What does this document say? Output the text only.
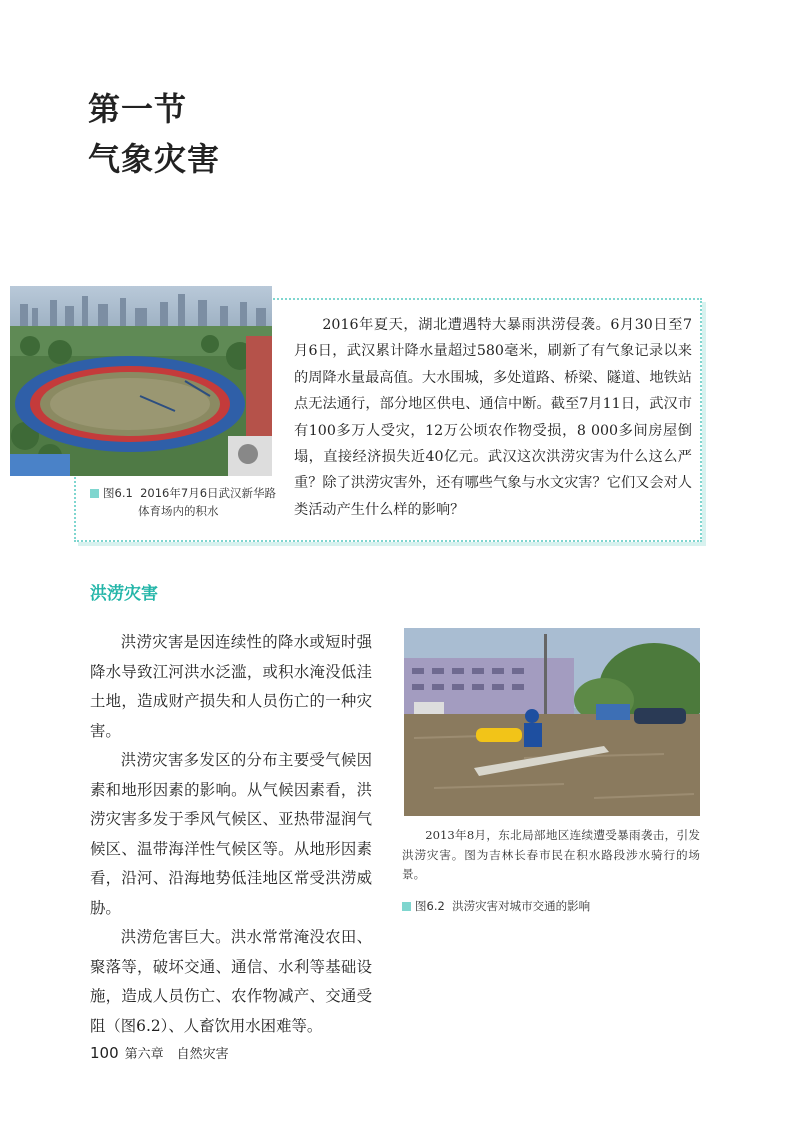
第一节
气象灾害

2016年夏天，湖北遭遇特大暴雨洪涝侵袭。6月30日至7月6日，武汉累计降水量超过580毫米，刷新了有气象记录以来的周降水量最高值。大水围城，多处道路、桥梁、隧道、地铁站点无法通行，部分地区供电、通信中断。截至7月11日，武汉市有100多万人受灾，12万公顷农作物受损，8 000多间房屋倒塌，直接经济损失近40亿元。武汉这次洪涝灾害为什么这么严重？除了洪涝灾害外，还有哪些气象与水文灾害？它们又会对人类活动产生什么样的影响？

图6.1 2016年7月6日武汉新华路
体育场内的积水
洪涝灾害

洪涝灾害是因连续性的降水或短时强降水导致江河洪水泛滥，或积水淹没低洼土地，造成财产损失和人员伤亡的一种灾害。

洪涝灾害多发区的分布主要受气候因素和地形因素的影响。从气候因素看，洪涝灾害多发于季风气候区、亚热带湿润气候区、温带海洋性气候区等。从地形因素看，沿河、沿海地势低洼地区常受洪涝威胁。

洪涝危害巨大。洪水常常淹没农田、聚落等，破坏交通、通信、水利等基础设施，造成人员伤亡、农作物减产、交通受阻（图6.2）、人畜饮用水困难等。

2013年8月，东北局部地区连续遭受暴雨袭击，引发洪涝灾害。图为吉林长春市民在积水路段涉水骑行的场景。

图6.2 洪涝灾害对城市交通的影响
100 第六章　自然灾害
